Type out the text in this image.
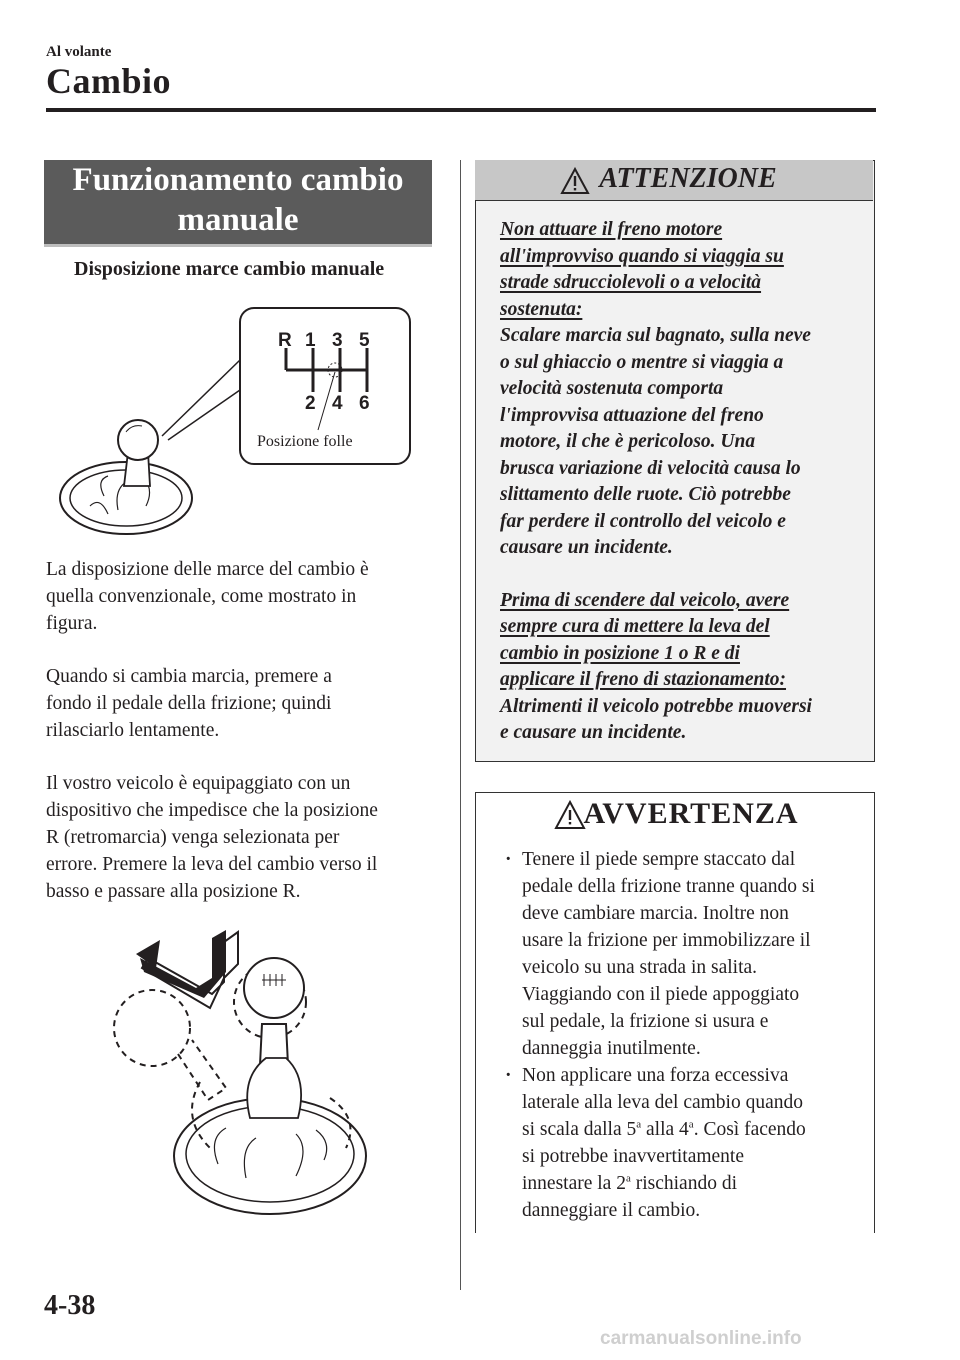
Al volante
Cambio
Funzionamento cambio
manuale
Disposizione marce cambio manuale
R 1 3 5
2 4 6
Posizione folle
La disposizione delle marce del cambio è
quella convenzionale, come mostrato in
figura.
Quando si cambia marcia, premere a
fondo il pedale della frizione; quindi
rilasciarlo lentamente.
Il vostro veicolo è equipaggiato con un
dispositivo che impedisce che la posizione
R (retromarcia) venga selezionata per
errore. Premere la leva del cambio verso il
basso e passare alla posizione R.
ATTENZIONE
Non attuare il freno motore
all'improvviso quando si viaggia su
strade sdrucciolevoli o a velocità
sostenuta:
Scalare marcia sul bagnato, sulla neve
o sul ghiaccio o mentre si viaggia a
velocità sostenuta comporta
l'improvvisa attuazione del freno
motore, il che è pericoloso. Una
brusca variazione di velocità causa lo
slittamento delle ruote. Ciò potrebbe
far perdere il controllo del veicolo e
causare un incidente.
Prima di scendere dal veicolo, avere
sempre cura di mettere la leva del
cambio in posizione 1 o R e di
applicare il freno di stazionamento:
Altrimenti il veicolo potrebbe muoversi
e causare un incidente.
AVVERTENZA
· Tenere il piede sempre staccato dal
pedale della frizione tranne quando si
deve cambiare marcia. Inoltre non
usare la frizione per immobilizzare il
veicolo su una strada in salita.
Viaggiando con il piede appoggiato
sul pedale, la frizione si usura e
danneggia inutilmente.
· Non applicare una forza eccessiva
laterale alla leva del cambio quando
si scala dalla 5$^a$ alla 4$^a$. Così facendo
si potrebbe inavvertitamente
innestare la 2$^a$ rischiando di
danneggiare il cambio.
4-38
carmanualsonline.info
